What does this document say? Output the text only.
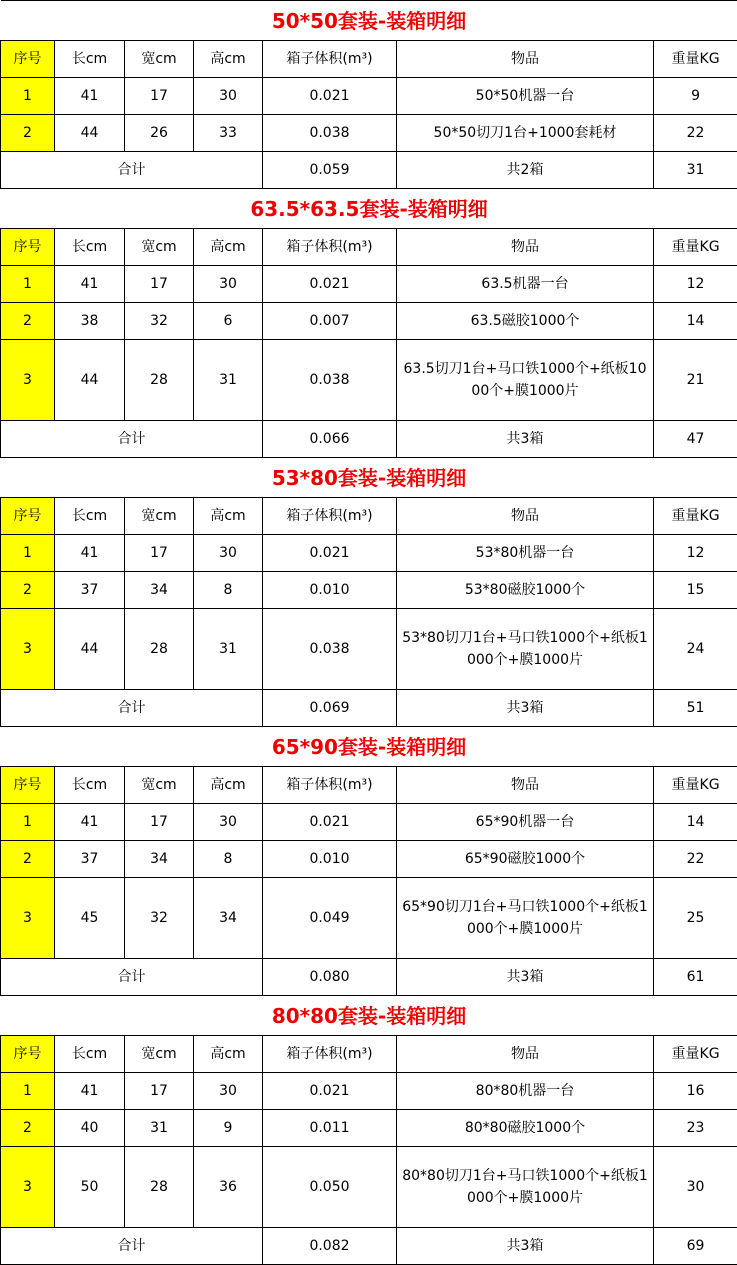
50*50套装-装箱明细						
序号	长cm	宽cm	高cm	箱子体积(m³)	物品	重量KG
1	41	17	30	0.021	50*50机器一台	9
2	44	26	33	0.038	50*50切刀1台+1000套耗材	22
合计				0.059	共2箱	31
63.5*63.5套装-装箱明细						
序号	长cm	宽cm	高cm	箱子体积(m³)	物品	重量KG
1	41	17	30	0.021	63.5机器一台	12
2	38	32	6	0.007	63.5磁胶1000个	14
3	44	28	31	0.038	63.5切刀1台+马口铁1000个+纸板1000个+膜1000片	21
合计				0.066	共3箱	47
53*80套装-装箱明细						
序号	长cm	宽cm	高cm	箱子体积(m³)	物品	重量KG
1	41	17	30	0.021	53*80机器一台	12
2	37	34	8	0.010	53*80磁胶1000个	15
3	44	28	31	0.038	53*80切刀1台+马口铁1000个+纸板1000个+膜1000片	24
合计				0.069	共3箱	51
65*90套装-装箱明细						
序号	长cm	宽cm	高cm	箱子体积(m³)	物品	重量KG
1	41	17	30	0.021	65*90机器一台	14
2	37	34	8	0.010	65*90磁胶1000个	22
3	45	32	34	0.049	65*90切刀1台+马口铁1000个+纸板1000个+膜1000片	25
合计				0.080	共3箱	61
80*80套装-装箱明细						
序号	长cm	宽cm	高cm	箱子体积(m³)	物品	重量KG
1	41	17	30	0.021	80*80机器一台	16
2	40	31	9	0.011	80*80磁胶1000个	23
3	50	28	36	0.050	80*80切刀1台+马口铁1000个+纸板1000个+膜1000片	30
合计				0.082	共3箱	69
